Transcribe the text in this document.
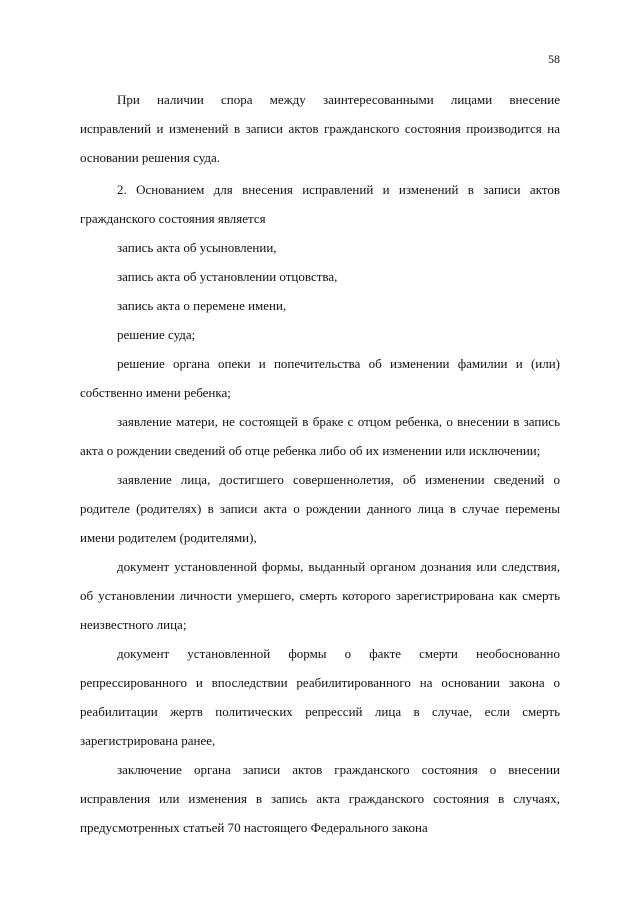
58
При наличии спора между заинтересованными лицами внесение
исправлений и изменений в записи актов гражданского состояния производится на
основании решения суда.
2. Основанием для внесения исправлений и изменений в записи актов
гражданского состояния является
запись акта об усыновлении,
запись акта об установлении отцовства,
запись акта о перемене имени,
решение суда;
решение органа опеки и попечительства об изменении фамилии и (или)
собственно имени ребенка;
заявление матери, не состоящей в браке с отцом ребенка, о внесении в запись
акта о рождении сведений об отце ребенка либо об их изменении или исключении;
заявление лица, достигшего совершеннолетия, об изменении сведений о
родителе (родителях) в записи акта о рождении данного лица в случае перемены
имени родителем (родителями),
документ установленной формы, выданный органом дознания или следствия,
об установлении личности умершего, смерть которого зарегистрирована как смерть
неизвестного лица;
документ установленной формы о факте смерти необоснованно
репрессированного и впоследствии реабилитированного на основании закона о
реабилитации жертв политических репрессий лица в случае, если смерть
зарегистрирована ранее,
заключение органа записи актов гражданского состояния о внесении
исправления или изменения в запись акта гражданского состояния в случаях,
предусмотренных статьей 70 настоящего Федерального закона
